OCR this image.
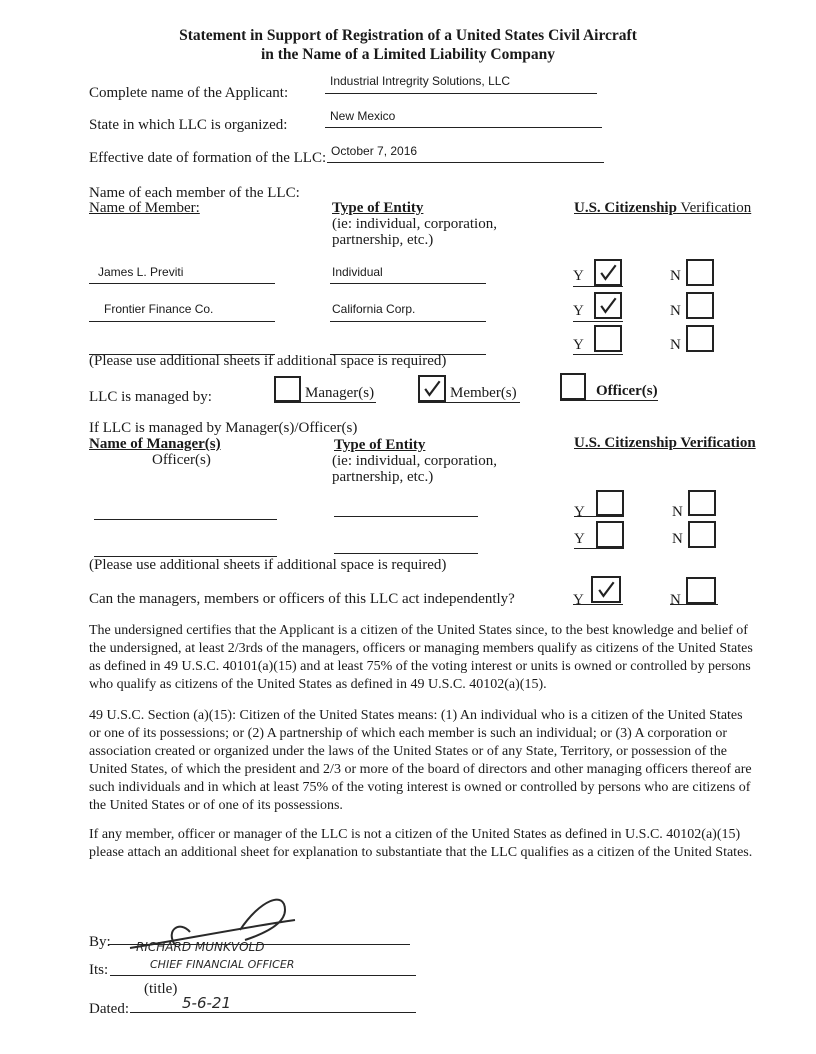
Statement in Support of Registration of a United States Civil Aircraft
in the Name of a Limited Liability Company
Complete name of the Applicant:
Industrial Intregrity Solutions, LLC
State in which LLC is organized:
New Mexico
Effective date of formation of the LLC: October 7, 2016
Name of each member of the LLC:
Name of Member:	Type of Entity
(ie: individual, corporation,
partnership, etc.)
U.S. Citizenship Verification
James L. Previti	Individual	Y	N
Frontier Finance Co.	California Corp.	Y	N
Y	N
(Please use additional sheets if additional space is required)
LLC is managed by:	Manager(s)	Member(s)	Officer(s)
If LLC is managed by Manager(s)/Officer(s)
Name of Manager(s)
Officer(s)
Type of Entity
(ie: individual, corporation,
partnership, etc.)
U.S. Citizenship Verification
Y	N
Y	N
(Please use additional sheets if additional space is required)
Can the managers, members or officers of this LLC act independently?	Y	N
The undersigned certifies that the Applicant is a citizen of the United States since, to the best knowledge and belief of the undersigned, at least 2/3rds of the managers, officers or managing members qualify as citizens of the United States as defined in 49 U.S.C. 40101(a)(15) and at least 75% of the voting interest or units is owned or controlled by persons who qualify as citizens of the United States as defined in 49 U.S.C. 40102(a)(15).
49 U.S.C. Section (a)(15): Citizen of the United States means: (1) An individual who is a citizen of the United States or one of its possessions; or (2) A partnership of which each member is such an individual; or (3) A corporation or association created or organized under the laws of the United States or of any State, Territory, or possession of the United States, of which the president and 2/3 or more of the board of directors and other managing officers thereof are such individuals and in which at least 75% of the voting interest is owned or controlled by persons who are citizens of the United States or of one of its possessions.
If any member, officer or manager of the LLC is not a citizen of the United States as defined in U.S.C. 40102(a)(15) please attach an additional sheet for explanation to substantiate that the LLC qualifies as a citizen of the United States.
By: RICHARD MUNKVOLD
Its:	CHIEF FINANCIAL OFFICER
(title)
Dated:	5-6-21
